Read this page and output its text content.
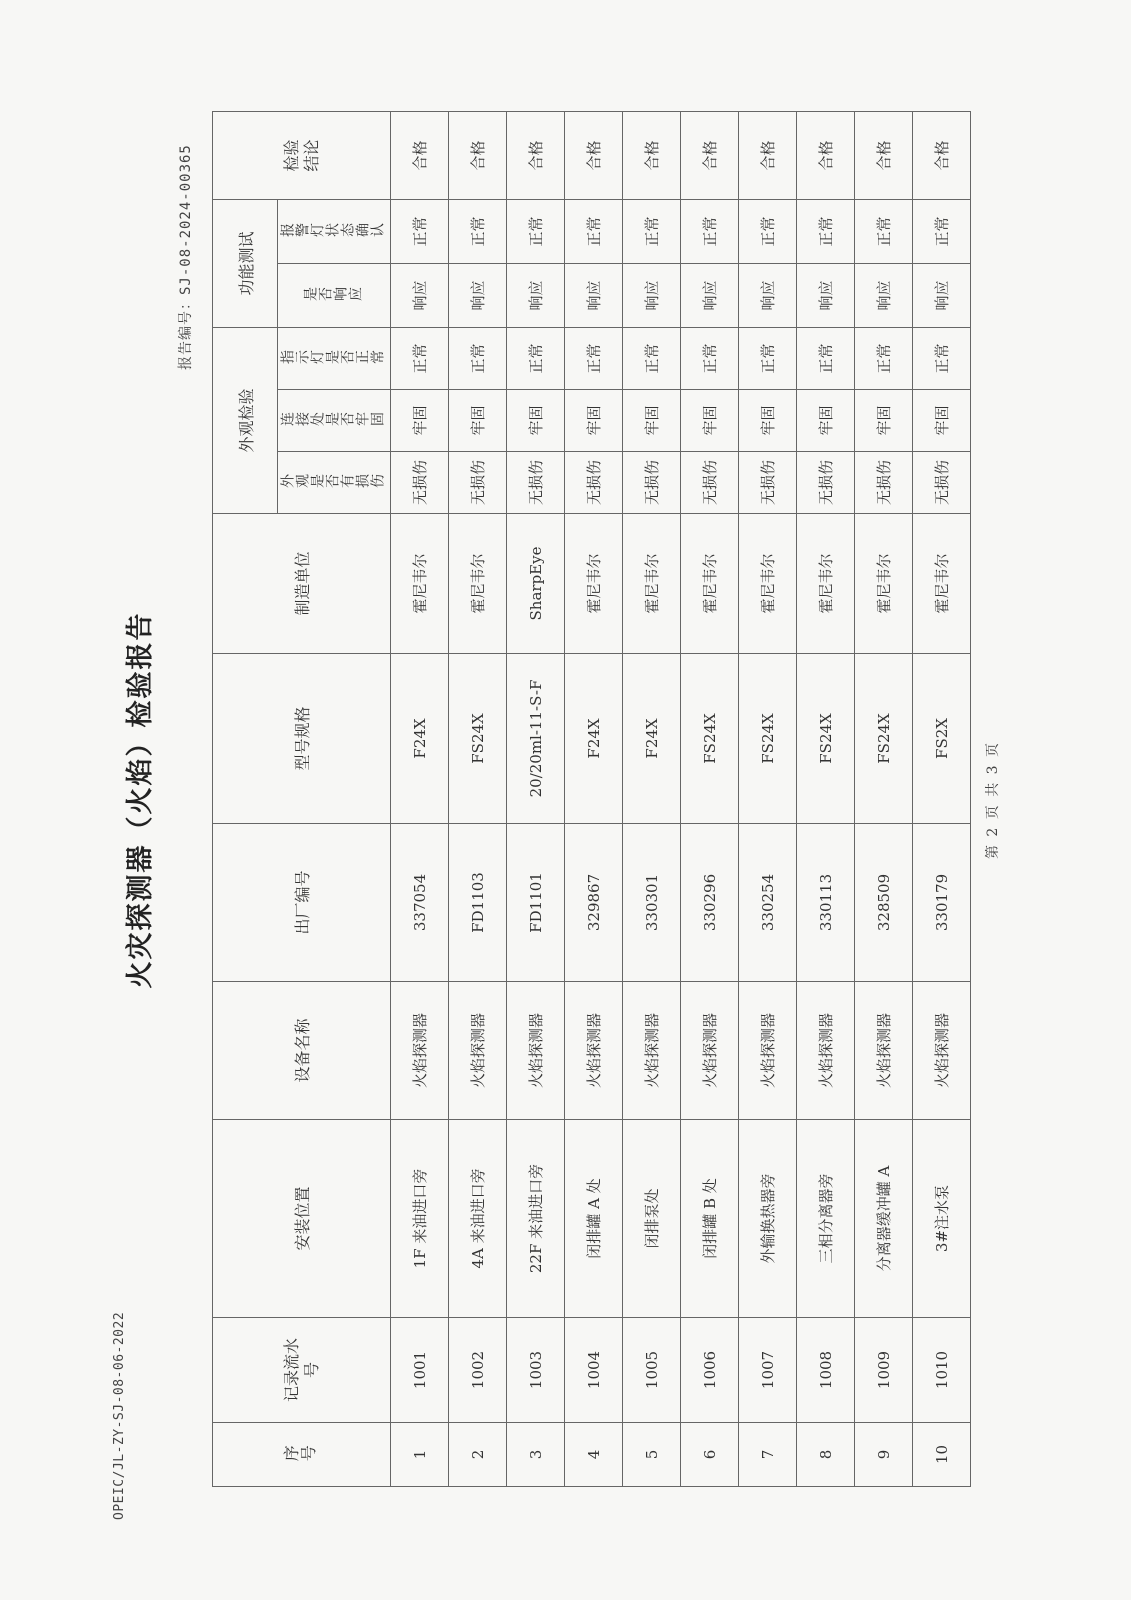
OPEIC/JL-ZY-SJ-08-06-2022
火灾探测器（火焰）检验报告
报告编号：SJ-08-2024-00365
序号	记录流水号	安装位置	设备名称	出厂编号	型号规格	制造单位	外观检验			功能测试		检验结论
							外观是否有损伤	连接处是否牢固	指示灯是否正常	是否响应	报警灯状态确认	
1	1001	1F 来油进口旁	火焰探测器	337054	F24X	霍尼韦尔	无损伤	牢固	正常	响应	正常	合格
2	1002	4A 来油进口旁	火焰探测器	FD1103	FS24X	霍尼韦尔	无损伤	牢固	正常	响应	正常	合格
3	1003	22F 来油进口旁	火焰探测器	FD1101	20/20ml-11-S-F	SharpEye	无损伤	牢固	正常	响应	正常	合格
4	1004	闭排罐 A 处	火焰探测器	329867	F24X	霍尼韦尔	无损伤	牢固	正常	响应	正常	合格
5	1005	闭排泵处	火焰探测器	330301	F24X	霍尼韦尔	无损伤	牢固	正常	响应	正常	合格
6	1006	闭排罐 B 处	火焰探测器	330296	FS24X	霍尼韦尔	无损伤	牢固	正常	响应	正常	合格
7	1007	外输换热器旁	火焰探测器	330254	FS24X	霍尼韦尔	无损伤	牢固	正常	响应	正常	合格
8	1008	三相分离器旁	火焰探测器	330113	FS24X	霍尼韦尔	无损伤	牢固	正常	响应	正常	合格
9	1009	分离器缓冲罐 A	火焰探测器	328509	FS24X	霍尼韦尔	无损伤	牢固	正常	响应	正常	合格
10	1010	3#注水泵	火焰探测器	330179	FS2X	霍尼韦尔	无损伤	牢固	正常	响应	正常	合格
第 2 页 共 3 页
